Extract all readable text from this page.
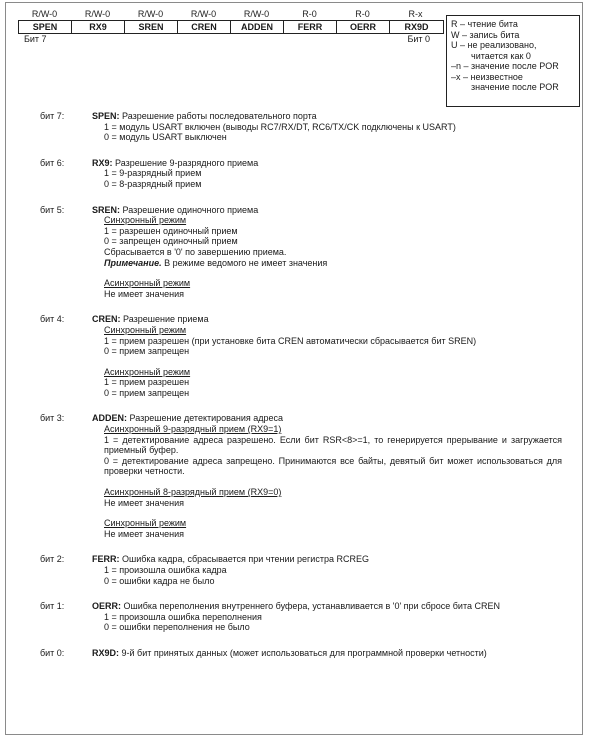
R/W-0	R/W-0	R/W-0	R/W-0	R/W-0	R-0	R-0	R-x
SPEN	RX9	SREN	CREN	ADDEN	FERR	OERR	RX9D
Бит 7	Бит 0
R – чтение бита
W – запись бита
U – не реализовано,
читается как 0
–n – значение после POR
–x – неизвестное
значение после POR
бит 7:	SPEN: Разрешение работы последовательного порта
1 = модуль USART включен (выводы RC7/RX/DT, RC6/TX/CK подключены к USART)
0 = модуль USART выключен
бит 6:	RX9: Разрешение 9-разрядного приема
1 = 9-разрядный прием
0 = 8-разрядный прием
бит 5:	SREN: Разрешение одиночного приема
Синхронный режим
1 = разрешен одиночный прием
0 = запрещен одиночный прием
Сбрасывается в '0' по завершению приема.
Примечание. В режиме ведомого не имеет значения
Асинхронный режим
Не имеет значения
бит 4:	CREN: Разрешение приема
Синхронный режим
1 = прием разрешен (при установке бита CREN автоматически сбрасывается бит SREN)
0 = прием запрещен
Асинхронный режим
1 = прием разрешен
0 = прием запрещен
бит 3:	ADDEN: Разрешение детектирования адреса
Асинхронный 9-разрядный прием (RX9=1)
1 = детектирование адреса разрешено. Если бит RSR<8>=1, то генерируется прерывание и загружается приемный буфер.
0 = детектирование адреса запрещено. Принимаются все байты, девятый бит может использоваться для проверки четности.
Асинхронный 8-разрядный прием (RX9=0)
Не имеет значения
Синхронный режим
Не имеет значения
бит 2:	FERR: Ошибка кадра, сбрасывается при чтении регистра RCREG
1 = произошла ошибка кадра
0 = ошибки кадра не было
бит 1:	OERR: Ошибка переполнения внутреннего буфера, устанавливается в '0' при сбросе бита CREN
1 = произошла ошибка переполнения
0 = ошибки переполнения не было
бит 0:	RX9D: 9-й бит принятых данных (может использоваться для программной проверки четности)
